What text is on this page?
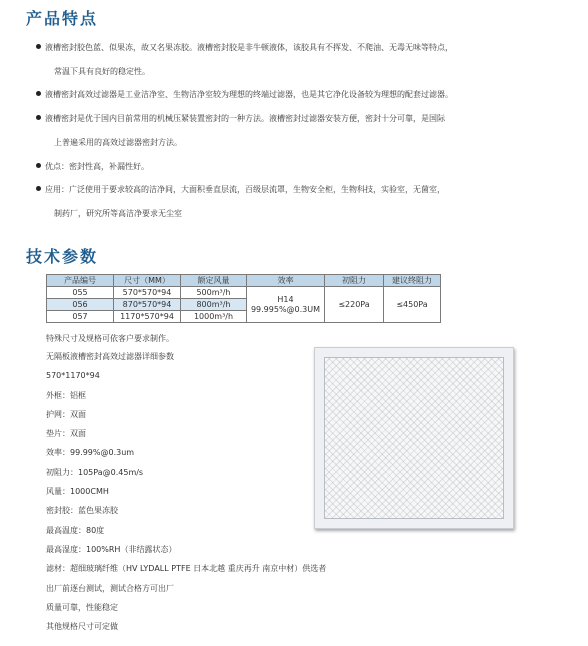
产品特点
液槽密封胶色蓝、似果冻，故又名果冻胶。液槽密封胶是非牛顿液体，该胶具有不挥发、不爬油、无毒无味等特点，
常温下具有良好的稳定性。
液槽密封高效过滤器是工业洁净室、生物洁净室较为理想的终端过滤器，也是其它净化设备较为理想的配套过滤器。
液槽密封是优于国内目前常用的机械压紧装置密封的一种方法。液槽密封过滤器安装方便，密封十分可靠，是国际
上普遍采用的高效过滤器密封方法。
优点：密封性高，补漏性好。
应用：广泛使用于要求较高的洁净间，大面积垂直层流，百级层流罩，生物安全柜，生物科技，实验室，无菌室，
制药厂，研究所等高洁净要求无尘室
技术参数
产品编号	尺寸（MM）	额定风量	效率	初阻力	建议终阻力
055	570*570*94	500m³/h	H14
99.995%@0.3UM	≤220Pa	≤450Pa
056	870*570*94	800m³/h			
057	1170*570*94	1000m³/h			
特殊尺寸及规格可依客户要求制作。
无隔板液槽密封高效过滤器详细参数
570*1170*94
外框：铝框
护网：双面
垫片：双面
效率：99.99%@0.3um
初阻力：105Pa@0.45m/s
风量：1000CMH
密封胶：蓝色果冻胶
最高温度：80度
最高湿度：100%RH（非结露状态）
滤材：超细玻璃纤维（HV LYDALL PTFE 日本北越 重庆再升 南京中材）供选者
出厂前逐台测试，测试合格方可出厂
质量可靠，性能稳定
其他规格尺寸可定做
